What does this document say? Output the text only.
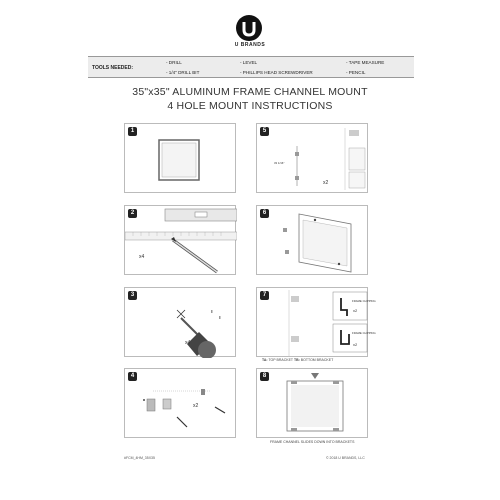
U BRANDS
TOOLS NEEDED:
- DRILL
- 1/4" DRILL BIT
- LEVEL
- PHILLIPS HEAD SCREWDRIVER
- TAPE MEASURE
- PENCIL
35"x35" ALUMINUM FRAME CHANNEL MOUNT
4 HOLE MOUNT INSTRUCTIONS
1
2
x4
3
x4
4
x2
5
33 1/16"
x2
6
7
FRAME CLIPPING
FRAME CLIPPING
x2
x2
TA: TOP BRACKET TB: BOTTOM BRACKET
8
FRAME CHANNEL SLIDES DOWN INTO BRACKETS
#FCM_4HM_35X35	© 2018 U BRANDS, LLC
